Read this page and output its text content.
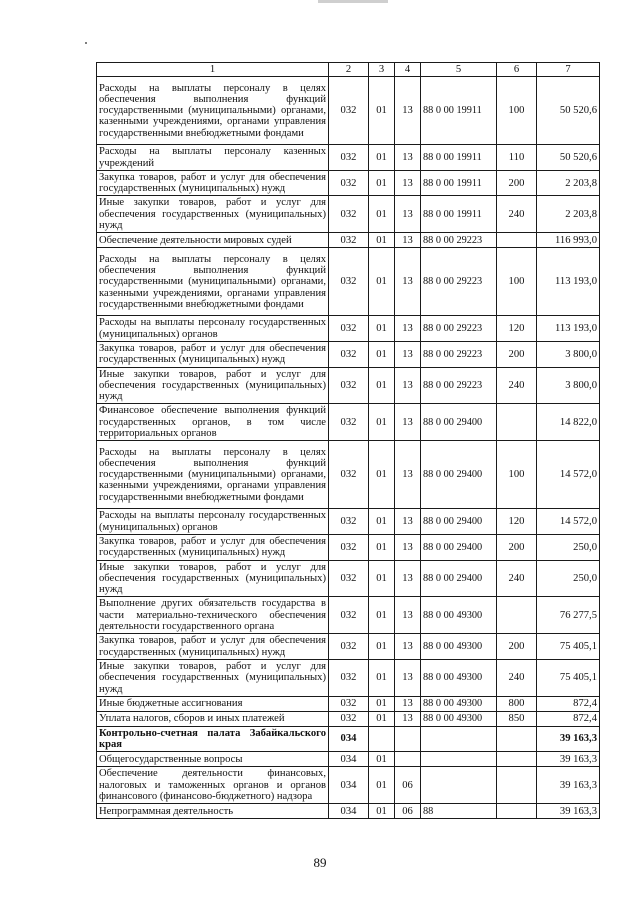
1	2	3	4	5	6	7
Расходы на выплаты персоналу в целях обеспечения выполнения функций государственными (муниципальными) органами, казенными учреждениями, органами управления государственными внебюджетными фондами	032	01	13	88 0 00 19911	100	50 520,6
Расходы на выплаты персоналу казенных учреждений	032	01	13	88 0 00 19911	110	50 520,6
Закупка товаров, работ и услуг для обеспечения государственных (муниципальных) нужд	032	01	13	88 0 00 19911	200	2 203,8
Иные закупки товаров, работ и услуг для обеспечения государственных (муниципальных) нужд	032	01	13	88 0 00 19911	240	2 203,8
Обеспечение деятельности мировых судей	032	01	13	88 0 00 29223		116 993,0
Расходы на выплаты персоналу в целях обеспечения выполнения функций государственными (муниципальными) органами, казенными учреждениями, органами управления государственными внебюджетными фондами	032	01	13	88 0 00 29223	100	113 193,0
Расходы на выплаты персоналу государственных (муниципальных) органов	032	01	13	88 0 00 29223	120	113 193,0
Закупка товаров, работ и услуг для обеспечения государственных (муниципальных) нужд	032	01	13	88 0 00 29223	200	3 800,0
Иные закупки товаров, работ и услуг для обеспечения государственных (муниципальных) нужд	032	01	13	88 0 00 29223	240	3 800,0
Финансовое обеспечение выполнения функций государственных органов, в том числе территориальных органов	032	01	13	88 0 00 29400		14 822,0
Расходы на выплаты персоналу в целях обеспечения выполнения функций государственными (муниципальными) органами, казенными учреждениями, органами управления государственными внебюджетными фондами	032	01	13	88 0 00 29400	100	14 572,0
Расходы на выплаты персоналу государственных (муниципальных) органов	032	01	13	88 0 00 29400	120	14 572,0
Закупка товаров, работ и услуг для обеспечения государственных (муниципальных) нужд	032	01	13	88 0 00 29400	200	250,0
Иные закупки товаров, работ и услуг для обеспечения государственных (муниципальных) нужд	032	01	13	88 0 00 29400	240	250,0
Выполнение других обязательств государства в части материально-технического обеспечения деятельности государственного органа	032	01	13	88 0 00 49300		76 277,5
Закупка товаров, работ и услуг для обеспечения государственных (муниципальных) нужд	032	01	13	88 0 00 49300	200	75 405,1
Иные закупки товаров, работ и услуг для обеспечения государственных (муниципальных) нужд	032	01	13	88 0 00 49300	240	75 405,1
Иные бюджетные ассигнования	032	01	13	88 0 00 49300	800	872,4
Уплата налогов, сборов и иных платежей	032	01	13	88 0 00 49300	850	872,4
Контрольно-счетная палата Забайкальского края	034					39 163,3
Общегосударственные вопросы	034	01				39 163,3
Обеспечение деятельности финансовых, налоговых и таможенных органов и органов финансового (финансово-бюджетного) надзора	034	01	06			39 163,3
Непрограммная деятельность	034	01	06	88		39 163,3
89
